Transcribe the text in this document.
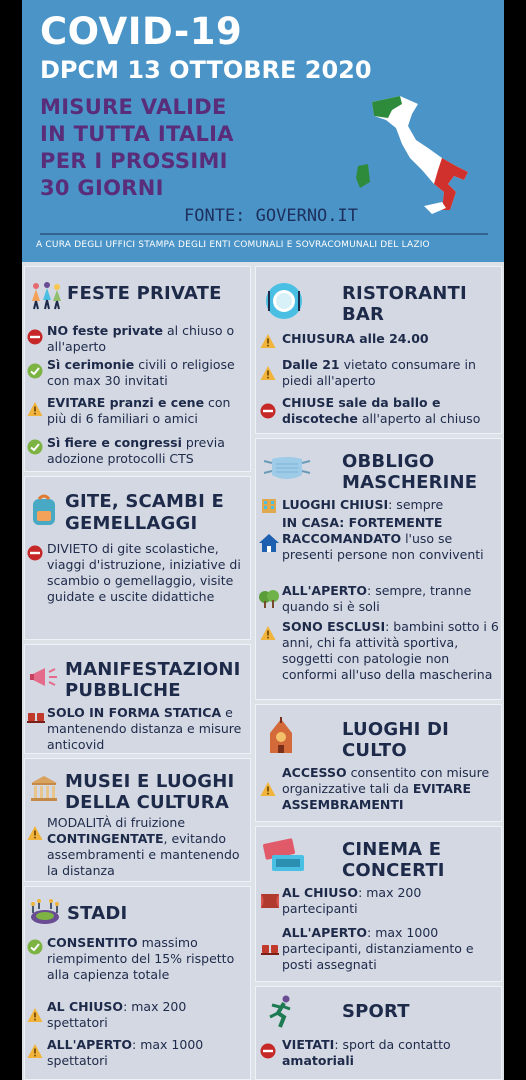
COVID-19
DPCM 13 OTTOBRE 2020
MISURE VALIDE
IN TUTTA ITALIA
PER I PROSSIMI
30 GIORNI
FONTE: GOVERNO.IT
A CURA DEGLI UFFICI STAMPA DEGLI ENTI COMUNALI E SOVRACOMUNALI DEL LAZIO
FESTE PRIVATE
NO feste private al chiuso o all'aperto
Sì cerimonie civili o religiose con max 30 invitati
EVITARE pranzi e cene con più di 6 familiari o amici
Sì fiere e congressi previa adozione protocolli CTS
GITE, SCAMBI E
GEMELLAGGI
DIVIETO di gite scolastiche, viaggi d'istruzione, iniziative di scambio o gemellaggio, visite guidate e uscite didattiche
MANIFESTAZIONI
PUBBLICHE
SOLO IN FORMA STATICA e mantenendo distanza e misure anticovid
MUSEI E LUOGHI
DELLA CULTURA
MODALITÀ di fruizione CONTINGENTATE, evitando assembramenti e mantenendo la distanza
STADI
CONSENTITO massimo riempimento del 15% rispetto alla capienza totale
AL CHIUSO: max 200 spettatori
ALL'APERTO: max 1000 spettatori
RISTORANTI
BAR
CHIUSURA alle 24.00
Dalle 21 vietato consumare in piedi all'aperto
CHIUSE sale da ballo e discoteche all'aperto al chiuso
OBBLIGO
MASCHERINE
LUOGHI CHIUSI: sempre
IN CASA: FORTEMENTE RACCOMANDATO l'uso se presenti persone non conviventi
ALL'APERTO: sempre, tranne quando si è soli
SONO ESCLUSI: bambini sotto i 6 anni, chi fa attività sportiva, soggetti con patologie non conformi all'uso della mascherina
LUOGHI DI
CULTO
ACCESSO consentito con misure organizzative tali da EVITARE ASSEMBRAMENTI
CINEMA E
CONCERTI
AL CHIUSO: max 200 partecipanti
ALL'APERTO: max 1000 partecipanti, distanziamento e posti assegnati
SPORT
VIETATI: sport da contatto amatoriali
